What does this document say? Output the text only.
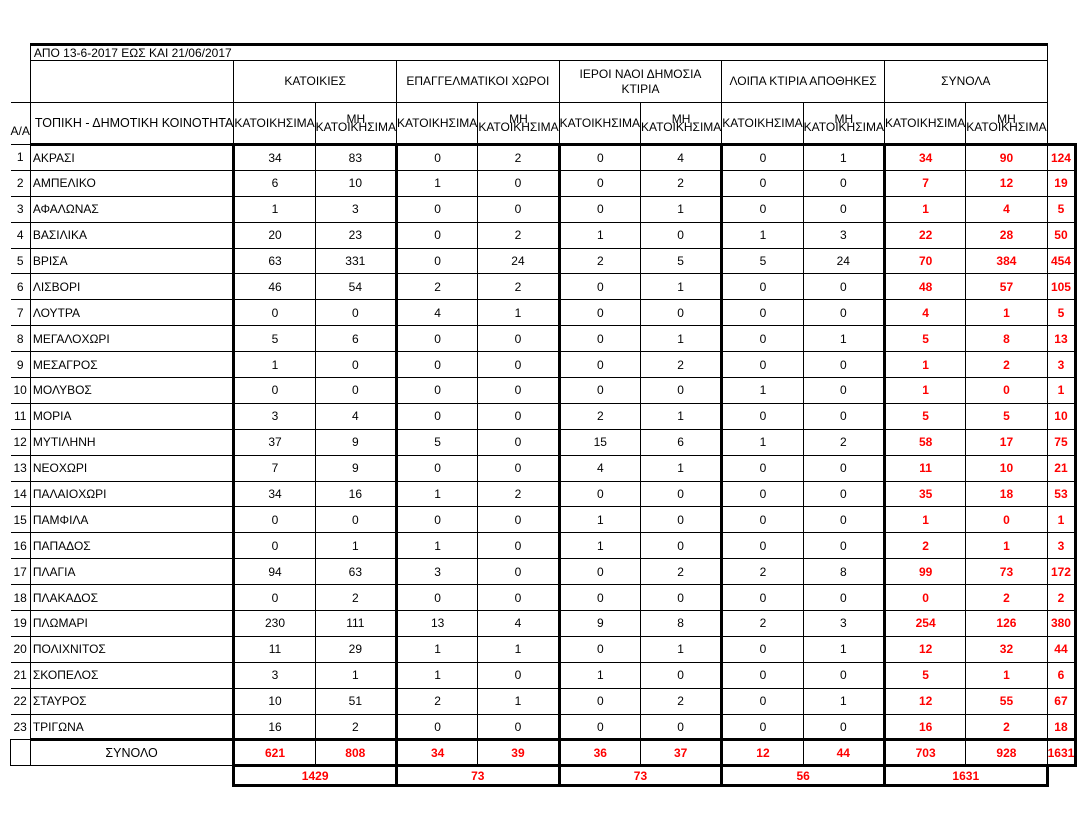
	ΑΠΟ 13-6-2017 ΕΩΣ ΚΑΙ 21/06/2017											
		ΚΑΤΟΙΚΙΕΣ		ΕΠΑΓΓΕΛΜΑΤΙΚΟΙ ΧΩΡΟΙ		ΙΕΡΟΙ ΝΑΟΙ ΔΗΜΟΣΙΑ ΚΤΙΡΙΑ		ΛΟΙΠΑ ΚΤΙΡΙΑ ΑΠΟΘΗΚΕΣ		ΣΥΝΟΛΑ		
Α/Α	ΤΟΠΙΚΗ - ΔΗΜΟΤΙΚΗ ΚΟΙΝΟΤΗΤΑ	ΚΑΤΟΙΚΗΣΙΜΑ	ΜΗ ΚΑΤΟΙΚΗΣΙΜΑ	ΚΑΤΟΙΚΗΣΙΜΑ	ΜΗ ΚΑΤΟΙΚΗΣΙΜΑ	ΚΑΤΟΙΚΗΣΙΜΑ	ΜΗ ΚΑΤΟΙΚΗΣΙΜΑ	ΚΑΤΟΙΚΗΣΙΜΑ	ΜΗ ΚΑΤΟΙΚΗΣΙΜΑ	ΚΑΤΟΙΚΗΣΙΜΑ	ΜΗ ΚΑΤΟΙΚΗΣΙΜΑ	
1	ΑΚΡΑΣΙ	34	83	0	2	0	4	0	1	34	90	124
2	ΑΜΠΕΛΙΚΟ	6	10	1	0	0	2	0	0	7	12	19
3	ΑΦΑΛΩΝΑΣ	1	3	0	0	0	1	0	0	1	4	5
4	ΒΑΣΙΛΙΚΑ	20	23	0	2	1	0	1	3	22	28	50
5	ΒΡΙΣΑ	63	331	0	24	2	5	5	24	70	384	454
6	ΛΙΣΒΟΡΙ	46	54	2	2	0	1	0	0	48	57	105
7	ΛΟΥΤΡΑ	0	0	4	1	0	0	0	0	4	1	5
8	ΜΕΓΑΛΟΧΩΡΙ	5	6	0	0	0	1	0	1	5	8	13
9	ΜΕΣΑΓΡΟΣ	1	0	0	0	0	2	0	0	1	2	3
10	ΜΟΛΥΒΟΣ	0	0	0	0	0	0	1	0	1	0	1
11	ΜΟΡΙΑ	3	4	0	0	2	1	0	0	5	5	10
12	ΜΥΤΙΛΗΝΗ	37	9	5	0	15	6	1	2	58	17	75
13	ΝΕΟΧΩΡΙ	7	9	0	0	4	1	0	0	11	10	21
14	ΠΑΛΑΙΟΧΩΡΙ	34	16	1	2	0	0	0	0	35	18	53
15	ΠΑΜΦΙΛΑ	0	0	0	0	1	0	0	0	1	0	1
16	ΠΑΠΑΔΟΣ	0	1	1	0	1	0	0	0	2	1	3
17	ΠΛΑΓΙΑ	94	63	3	0	0	2	2	8	99	73	172
18	ΠΛΑΚΑΔΟΣ	0	2	0	0	0	0	0	0	0	2	2
19	ΠΛΩΜΑΡΙ	230	111	13	4	9	8	2	3	254	126	380
20	ΠΟΛΙΧΝΙΤΟΣ	11	29	1	1	0	1	0	1	12	32	44
21	ΣΚΟΠΕΛΟΣ	3	1	1	0	1	0	0	0	5	1	6
22	ΣΤΑΥΡΟΣ	10	51	2	1	0	2	0	1	12	55	67
23	ΤΡΙΓΩΝΑ	16	2	0	0	0	0	0	0	16	2	18
	ΣΥΝΟΛΟ	621	808	34	39	36	37	12	44	703	928	1631
		1429		73		73		56		1631		
